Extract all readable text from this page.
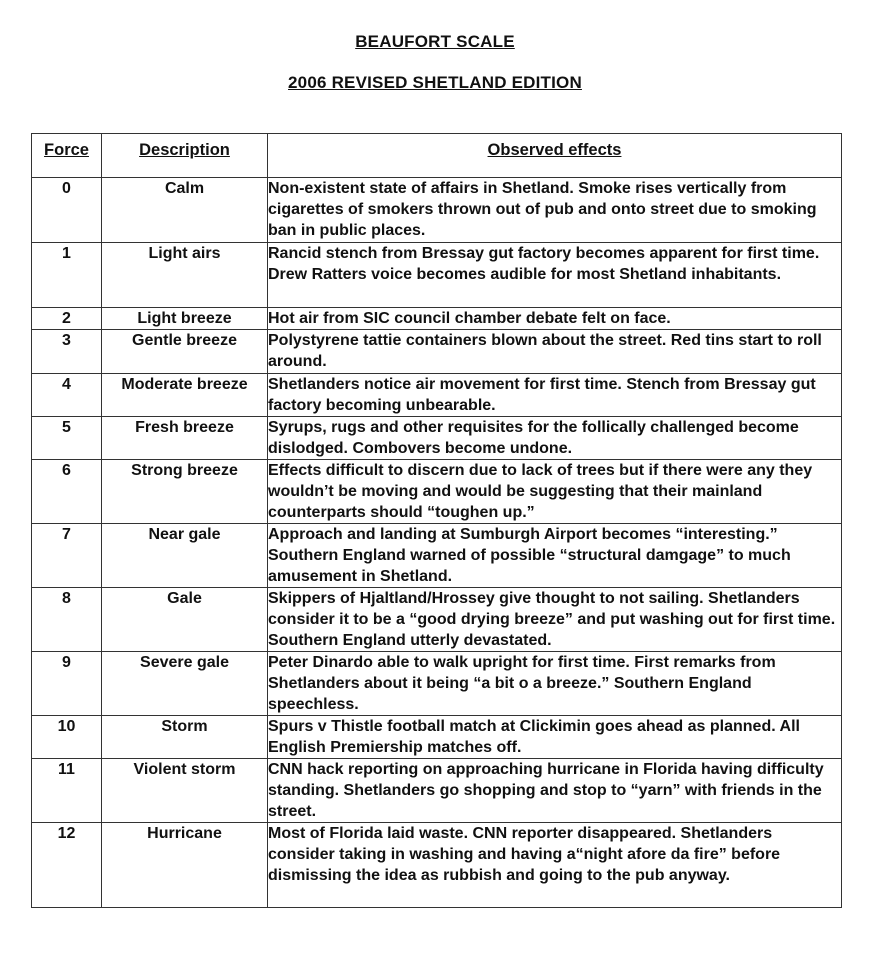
BEAUFORT SCALE
2006 REVISED SHETLAND EDITION
Force	Description	Observed effects
0	Calm	Non-existent state of affairs in Shetland. Smoke rises vertically from cigarettes of smokers thrown out of pub and onto street due to smoking ban in public places.
1	Light airs	Rancid stench from Bressay gut factory becomes apparent for first time. Drew Ratters voice becomes audible for most Shetland inhabitants.
2	Light breeze	Hot air from SIC council chamber debate felt on face.
3	Gentle breeze	Polystyrene tattie containers blown about the street. Red tins start to roll around.
4	Moderate breeze	Shetlanders notice air movement for first time. Stench from Bressay gut factory becoming unbearable.
5	Fresh breeze	Syrups, rugs and other requisites for the follically challenged become dislodged. Combovers become undone.
6	Strong breeze	Effects difficult to discern due to lack of trees but if there were any they wouldn’t be moving and would be suggesting that their mainland counterparts should “toughen up.”
7	Near gale	Approach and landing at Sumburgh Airport becomes “interesting.” Southern England warned of possible “structural damgage” to much amusement in Shetland.
8	Gale	Skippers of Hjaltland/Hrossey give thought to not sailing. Shetlanders consider it to be a “good drying breeze” and put washing out for first time. Southern England utterly devastated.
9	Severe gale	Peter Dinardo able to walk upright for first time. First remarks from Shetlanders about it being “a bit o a breeze.” Southern England speechless.
10	Storm	Spurs v Thistle football match at Clickimin goes ahead as planned. All English Premiership matches off.
11	Violent storm	CNN hack reporting on approaching hurricane in Florida having difficulty standing. Shetlanders go shopping and stop to “yarn” with friends in the street.
12	Hurricane	Most of Florida laid waste. CNN reporter disappeared. Shetlanders consider taking in washing and having a“night afore da fire” before dismissing the idea as rubbish and going to the pub anyway.
